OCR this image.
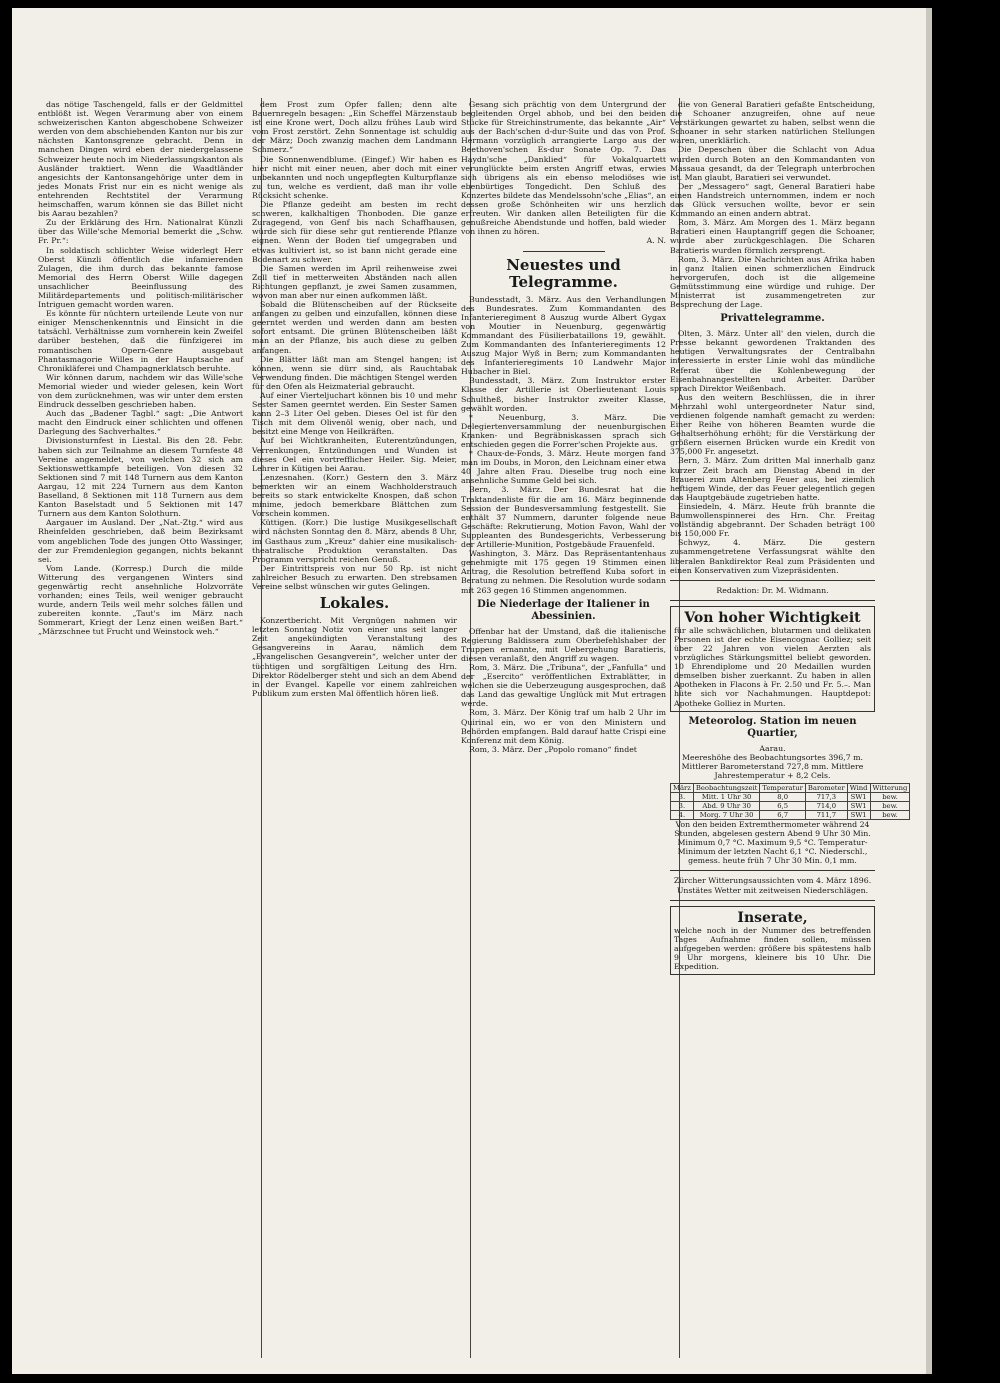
das nötige Taschengeld, falls er der Geldmittel entblößt ist. Wegen Verarmung aber von einem schweizerischen Kanton abgeschobene Schweizer werden von dem abschiebenden Kanton nur bis zur nächsten Kantonsgrenze gebracht. Denn in manchen Dingen wird eben der niedergelassene Schweizer heute noch im Niederlassungskanton als Ausländer traktiert. Wenn die Waadtländer angesichts der Kantonsangehörige unter dem in jedes Monats Frist nur ein es nicht wenige als entehrenden Rechtstitel der Verarmung heimschaffen, warum können sie das Billet nicht bis Aarau bezahlen?

Zu der Erklärung des Hrn. Nationalrat Künzli über das Wille'sche Memorial bemerkt die „Schw. Fr. Pr.“:

In soldatisch schlichter Weise widerlegt Herr Oberst Künzli öffentlich die infamierenden Zulagen, die ihm durch das bekannte famose Memorial des Herrn Oberst Wille dagegen unsachlicher Beeinflussung des Militärdepartements und politisch-militärischer Intriguen gemacht worden waren.

Es könnte für nüchtern urteilende Leute von nur einiger Menschenkenntnis und Einsicht in die tatsächl. Verhältnisse zum vornherein kein Zweifel darüber bestehen, daß die fünfzigerei im romantischen Opern-Genre ausgebaut Phantasmagorie Willes in der Hauptsache auf Chronikläferei und Champagnerklatsch beruhte.

Wir können darum, nachdem wir das Wille'sche Memorial wieder und wieder gelesen, kein Wort von dem zurücknehmen, was wir unter dem ersten Eindruck desselben geschrieben haben.

Auch das „Badener Tagbl.“ sagt: „Die Antwort macht den Eindruck einer schlichten und offenen Darlegung des Sachverhaltes.“

Divisionsturnfest in Liestal. Bis den 28. Febr. haben sich zur Teilnahme an diesem Turnfeste 48 Vereine angemeldet, von welchen 32 sich am Sektionswettkampfe beteiligen. Von diesen 32 Sektionen sind 7 mit 148 Turnern aus dem Kanton Aargau, 12 mit 224 Turnern aus dem Kanton Baselland, 8 Sektionen mit 118 Turnern aus dem Kanton Baselstadt und 5 Sektionen mit 147 Turnern aus dem Kanton Solothurn.

Aargauer im Ausland. Der „Nat.-Ztg.“ wird aus Rheinfelden geschrieben, daß beim Bezirksamt vom angeblichen Tode des jungen Otto Wassinger, der zur Fremdenlegion gegangen, nichts bekannt sei.

Vom Lande. (Korresp.) Durch die milde Witterung des vergangenen Winters sind gegenwärtig recht ansehnliche Holzvorräte vorhanden; eines Teils, weil weniger gebraucht wurde, andern Teils weil mehr solches fällen und zubereiten konnte. „Taut's im März nach Sommerart, Kriegt der Lenz einen weißen Bart.“ „Märzschnee tut Frucht und Weinstock weh.“

dem Frost zum Opfer fallen; denn alte Bauernregeln besagen: „Ein Scheffel Märzenstaub ist eine Krone wert, Doch allzu frühes Laub wird vom Frost zerstört. Zehn Sonnentage ist schuldig der März; Doch zwanzig machen dem Landmann Schmerz.“

Die Sonnenwendblume. (Eingef.) Wir haben es hier nicht mit einer neuen, aber doch mit einer unbekannten und noch ungepflegten Kulturpflanze zu tun, welche es verdient, daß man ihr volle Rücksicht schenke.

Die Pflanze gedeiht am besten im recht schweren, kalkhaltigen Thonboden. Die ganze Zuragegend, von Genf bis nach Schaffhausen, würde sich für diese sehr gut rentierende Pflanze eignen. Wenn der Boden tief umgegraben und etwas kultiviert ist, so ist bann nicht gerade eine Bodenart zu schwer.

Die Samen werden im April reihenweise zwei Zoll tief in metterweiten Abständen nach allen Richtungen gepflanzt, je zwei Samen zusammen, wovon man aber nur einen aufkommen läßt.

Sobald die Blütenscheiben auf der Rückseite anfangen zu gelben und einzufallen, können diese geerntet werden und werden dann am besten sofort entsamt. Die grünen Blütenscheiben läßt man an der Pflanze, bis auch diese zu gelben anfangen.

Die Blätter läßt man am Stengel hangen; ist können, wenn sie dürr sind, als Rauchtabak Verwendung finden. Die mächtigen Stengel werden für den Ofen als Heizmaterial gebraucht.

Auf einer Vierteljuchart können bis 10 und mehr Sester Samen geerntet werden. Ein Sester Samen kann 2–3 Liter Oel geben. Dieses Oel ist für den Tisch mit dem Olivenöl wenig, ober nach, und besitzt eine Menge von Heilkräften.

Auf bei Wichtkranheiten, Euterentzündungen, Verrenkungen, Entzündungen und Wunden ist dieses Oel ein vortrefflicher Heiler. Sig. Meier, Lehrer in Kütigen bei Aarau.

Lenzesnahen. (Korr.) Gestern den 3. März bemerkten wir an einem Wachholderstrauch bereits so stark entwickelte Knospen, daß schon minime, jedoch bemerkbare Blättchen zum Vorschein kommen.

Küttigen. (Korr.) Die lustige Musikgesellschaft wird nächsten Sonntag den 8. März, abends 8 Uhr, im Gasthaus zum „Kreuz“ dahier eine musikalisch-theatralische Produktion veranstalten. Das Programm verspricht reichen Genuß.

Der Eintrittspreis von nur 50 Rp. ist nicht zahlreicher Besuch zu erwarten. Den strebsamen Vereine selbst wünschen wir gutes Gelingen.

Lokales.

Konzertbericht. Mit Vergnügen nahmen wir letzten Sonntag Notiz von einer uns seit langer Zeit angekündigten Veranstaltung des Gesangvereins in Aarau, nämlich dem „Evangelischen Gesangverein“, welcher unter der tüchtigen und sorgfältigen Leitung des Hrn. Direktor Rödelberger steht und sich an dem Abend in der Evangel. Kapelle vor einem zahlreichen Publikum zum ersten Mal öffentlich hören ließ.

Gesang sich prächtig von dem Untergrund der begleitenden Orgel abhob, und bei den beiden Stücke für Streichinstrumente, das bekannte „Air“ aus der Bach'schen d-dur-Suite und das von Prof. Hermann vorzüglich arrangierte Largo aus der Beethoven'schen Es-dur Sonate Op. 7. Das Haydn'sche „Danklied“ für Vokalquartett verunglückte beim ersten Angriff etwas, erwies sich übrigens als ein ebenso melodiöses wie ebenbürtiges Tongedicht. Den Schluß des Konzertes bildete das Mendelssohn'sche „Elias“, an dessen große Schönheiten wir uns herzlich erfreuten. Wir danken allen Beteiligten für die genußreiche Abendstunde und hoffen, bald wieder von ihnen zu hören.

A. N.

Neuestes und Telegramme.

Bundesstadt, 3. März. Aus den Verhandlungen des Bundesrates. Zum Kommandanten des Infanterieregiment 8 Auszug wurde Albert Gygax von Moutier in Neuenburg, gegenwärtig Kommandant des Füsilierbataillons 19, gewählt. Zum Kommandanten des Infanterieregiments 12 Auszug Major Wyß in Bern; zum Kommandanten des Infanterieregiments 10 Landwehr Major Hubacher in Biel.

Bundesstadt, 3. März. Zum Instruktor erster Klasse der Artillerie ist Oberlieutenant Louis Schultheß, bisher Instruktor zweiter Klasse, gewählt worden.

* Neuenburg, 3. März. Die Delegiertenversammlung der neuenburgischen Kranken- und Begräbniskassen sprach sich entschieden gegen die Forrer'schen Projekte aus.

* Chaux-de-Fonds, 3. März. Heute morgen fand man im Doubs, in Moron, den Leichnam einer etwa 40 Jahre alten Frau. Dieselbe trug noch eine ansehnliche Summe Geld bei sich.

Bern, 3. März. Der Bundesrat hat die Traktandenliste für die am 16. März beginnende Session der Bundesversammlung festgestellt. Sie enthält 37 Nummern, darunter folgende neue Geschäfte: Rekrutierung, Motion Favon, Wahl der Suppleanten des Bundesgerichts, Verbesserung der Artillerie-Munition, Postgebäude Frauenfeld.

Washington, 3. März. Das Repräsentantenhaus genehmigte mit 175 gegen 19 Stimmen einen Antrag, die Resolution betreffend Kuba sofort in Beratung zu nehmen. Die Resolution wurde sodann mit 263 gegen 16 Stimmen angenommen.

Die Niederlage der Italiener in Abessinien.

Offenbar hat der Umstand, daß die italienische Regierung Baldissera zum Oberbefehlshaber der Truppen ernannte, mit Uebergehung Baratieris, diesen veranlaßt, den Angriff zu wagen.

Rom, 3. März. Die „Tribuna“, der „Fanfulla“ und der „Esercito“ veröffentlichen Extrablätter, in welchen sie die Ueberzeugung ausgesprochen, daß das Land das gewaltige Unglück mit Mut ertragen werde.

Rom, 3. März. Der König traf um halb 2 Uhr im Quirinal ein, wo er von den Ministern und Behörden empfangen. Bald darauf hatte Crispi eine Konferenz mit dem König.

Rom, 3. März. Der „Popolo romano“ findet

die von General Baratieri gefaßte Entscheidung, die Schoaner anzugreifen, ohne auf neue Verstärkungen gewartet zu haben, selbst wenn die Schoaner in sehr starken natürlichen Stellungen waren, unerklärlich.

Die Depeschen über die Schlacht von Adua wurden durch Boten an den Kommandanten von Massaua gesandt, da der Telegraph unterbrochen ist. Man glaubt, Baratieri sei verwundet.

Der „Messagero“ sagt, General Baratieri habe einen Handstreich unternommen, indem er noch das Glück versuchen wollte, bevor er sein Kommando an einen andern abtrat.

Rom, 3. März. Am Morgen des 1. März begann Baratieri einen Hauptangriff gegen die Schoaner, wurde aber zurückgeschlagen. Die Scharen Baratieris wurden förmlich zersprengt.

Rom, 3. März. Die Nachrichten aus Afrika haben in ganz Italien einen schmerzlichen Eindruck hervorgerufen, doch ist die allgemeine Gemütsstimmung eine würdige und ruhige. Der Ministerrat ist zusammengetreten zur Besprechung der Lage.

Privattelegramme.

Olten, 3. März. Unter all' den vielen, durch die Presse bekannt gewordenen Traktanden des heutigen Verwaltungsrates der Centralbahn interessierte in erster Linie wohl das mündliche Referat über die Kohlenbewegung der Eisenbahnangestellten und Arbeiter. Darüber sprach Direktor Weißenbach.

Aus den weitern Beschlüssen, die in ihrer Mehrzahl wohl untergeordneter Natur sind, verdienen folgende namhaft gemacht zu werden: Einer Reihe von höheren Beamten wurde die Gehaltserhöhung erhöht; für die Verstärkung der größern eisernen Brücken wurde ein Kredit von 375,000 Fr. angesetzt.

Bern, 3. März. Zum dritten Mal innerhalb ganz kurzer Zeit brach am Dienstag Abend in der Brauerei zum Altenberg Feuer aus, bei ziemlich heftigem Winde, der das Feuer gelegentlich gegen das Hauptgebäude zugetrieben hatte.

Einsiedeln, 4. März. Heute früh brannte die Baumwollenspinnerei des Hrn. Chr. Freitag vollständig abgebrannt. Der Schaden beträgt 100 bis 150,000 Fr.

Schwyz, 4. März. Die gestern zusammengetretene Verfassungsrat wählte den liberalen Bankdirektor Real zum Präsidenten und einen Konservativen zum Vizepräsidenten.

Redaktion: Dr. M. Widmann.
Von hoher Wichtigkeit
für alle schwächlichen, blutarmen und delikaten Personen ist der echte Eisencognac Golliez; seit über 22 Jahren von vielen Aerzten als vorzügliches Stärkungsmittel beliebt geworden. 10 Ehrendiplome und 20 Medaillen wurden demselben bisher zuerkannt. Zu haben in allen Apotheken in Flacons à Fr. 2.50 und Fr. 5.–. Man hüte sich vor Nachahmungen. Hauptdepot: Apotheke Golliez in Murten.
Meteorolog. Station im neuen Quartier,
Aarau.
Meereshöhe des Beobachtungsortes 396,7 m. Mittlerer Barometerstand 727,8 mm. Mittlere Jahrestemperatur + 8,2 Cels.
März	Beobachtungszeit	Temperatur	Barometer	Wind	Witterung
3.	Mitt. 1 Uhr 30	8,0	717,3	SW1	bew.
3.	Abd. 9 Uhr 30	6,5	714,0	SW1	bew.
4.	Morg. 7 Uhr 30	6,7	711,7	SW1	bew.
Von den beiden Extremthermometer während 24 Stunden, abgelesen gestern Abend 9 Uhr 30 Min. Minimum 0,7 °C. Maximum 9,5 °C. Temperatur-Minimum der letzten Nacht 6,1 °C. Niederschl., gemess. heute früh 7 Uhr 30 Min. 0,1 mm.
Zürcher Witterungsaussichten vom 4. März 1896. Unstätes Wetter mit zeitweisen Niederschlägen.
Inserate,
welche noch in der Nummer des betreffenden Tages Aufnahme finden sollen, müssen aufgegeben werden: größere bis spätestens halb 9 Uhr morgens, kleinere bis 10 Uhr. Die Expedition.
